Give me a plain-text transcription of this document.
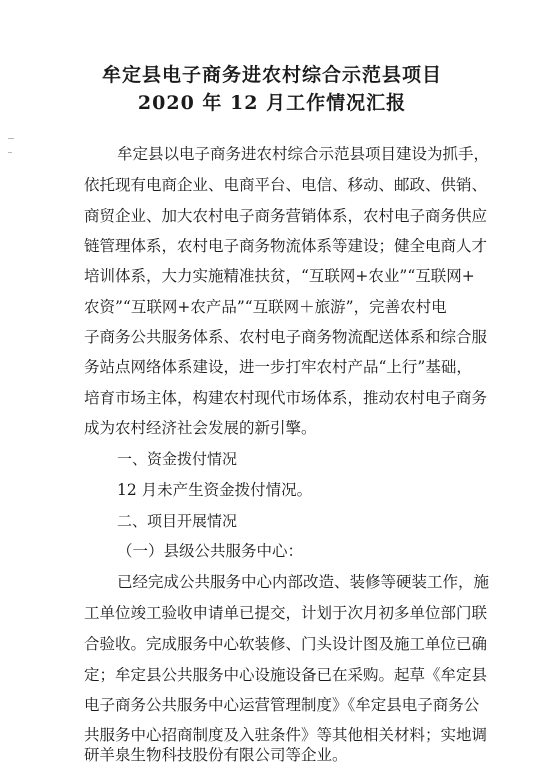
牟定县电子商务进农村综合示范县项目
2020 年 12 月工作情况汇报
牟定县以电子商务进农村综合示范县项目建设为抓手，
依托现有电商企业、电商平台、电信、移动、邮政、供销、
商贸企业、加大农村电子商务营销体系，农村电子商务供应
链管理体系，农村电子商务物流体系等建设；健全电商人才
培训体系，大力实施精准扶贫，“互联网+农业”“互联网+
农资”“互联网+农产品”“互联网＋旅游”，完善农村电
子商务公共服务体系、农村电子商务物流配送体系和综合服
务站点网络体系建设，进一步打牢农村产品“上行”基础，
培育市场主体，构建农村现代市场体系，推动农村电子商务
成为农村经济社会发展的新引擎。
一、资金拨付情况
12 月未产生资金拨付情况。
二、项目开展情况
（一）县级公共服务中心：
已经完成公共服务中心内部改造、装修等硬装工作，施
工单位竣工验收申请单已提交，计划于次月初多单位部门联
合验收。完成服务中心软装修、门头设计图及施工单位已确
定；牟定县公共服务中心设施设备已在采购。起草《牟定县
电子商务公共服务中心运营管理制度》《牟定县电子商务公
共服务中心招商制度及入驻条件》等其他相关材料；实地调
研羊泉生物科技股份有限公司等企业。
